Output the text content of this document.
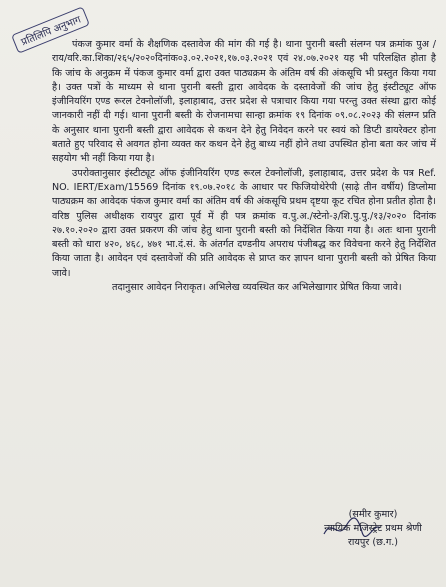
प्रतिलिपि अनुभाग

पंकज कुमार वर्मा के शैक्षणिक दस्तावेज की मांग की गई है। थाना पुरानी बस्ती संलग्न पत्र क्रमांक पुअ /राय/वरि.का.शिका/२६५/२०२०दिनांक०३.०२.२०२१,१७.०३.२०२१ एवं २४.०७.२०२१ यह भी परिलक्षित होता है कि जांच के अनुक्रम में पंकज कुमार वर्मा द्वारा उक्त पाठ्यक्रम के अंतिम वर्ष की अंकसूचि भी प्रस्तुत किया गया है। उक्त पत्रों के माध्यम से थाना पुरानी बस्ती द्वारा आवेदक के दस्तावेजों की जांच हेतु इंस्टीट्यूट ऑफ इंजीनियरिंग एण्ड रूरल टेक्नोलॉजी, इलाहाबाद, उत्तर प्रदेश से पत्राचार किया गया परन्तु उक्त संस्था द्वारा कोई जानकारी नहीं दी गई। थाना पुरानी बस्ती के रोजनामचा सान्हा क्रमांक १९ दिनांक ०९.०८.२०२३ की संलग्न प्रति के अनुसार थाना पुरानी बस्ती द्वारा आवेदक से कथन देने हेतु निवेदन करने पर स्वयं को डिप्टी डायरेक्टर होना बताते हुए परिवाद से अवगत होना व्यक्त कर कथन देने हेतु बाध्य नहीं होने तथा उपस्थित होना बता कर जांच में सहयोग भी नहीं किया गया है।

उपरोक्तानुसार इंस्टीट्यूट ऑफ इंजीनियरिंग एण्ड रूरल टेक्नोलॉजी, इलाहाबाद, उत्तर प्रदेश के पत्र Ref. NO. IERT/Exam/15569 दिनांक १९.०७.२०१८ के आधार पर फिजियोथेरेपी (साढ़े तीन वर्षीय) डिप्लोमा पाठ्यक्रम का आवेदक पंकज कुमार वर्मा का अंतिम वर्ष की अंकसूचि प्रथम दृष्टया कूट रचित होना प्रतीत होता है। वरिष्ठ पुलिस अधीक्षक रायपुर द्वारा पूर्व में ही पत्र क्रमांक व.पु.अ./स्टेनो-३/शि.पु.पु./१३/२०२० दिनांक २७.१०.२०२० द्वारा उक्त प्रकरण की जांच हेतु थाना पुरानी बस्ती को निर्देशित किया गया है। अतः थाना पुरानी बस्ती को धारा ४२०, ४६८, ४७१ भा.दं.सं. के अंतर्गत दण्डनीय अपराध पंजीबद्ध कर विवेचना करने हेतु निर्देशित किया जाता है। आवेदन एवं दस्तावेजों की प्रति आवेदक से प्राप्त कर ज्ञापन थाना पुरानी बस्ती को प्रेषित किया जावे।

तदानुसार आवेदन निराकृत। अभिलेख व्यवस्थित कर अभिलेखागार प्रेषित किया जावे।

(समीर कुमार)
न्यायिक मजिस्ट्रेट प्रथम श्रेणी
रायपुर (छ.ग.)
